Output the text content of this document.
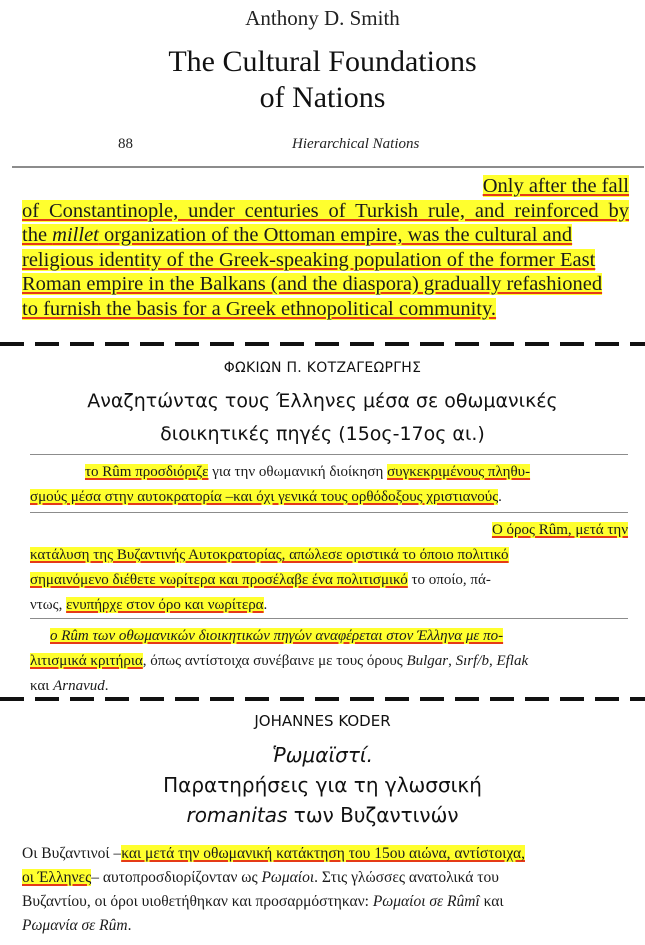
Anthony D. Smith
The Cultural Foundations
of Nations
88	Hierarchical Nations
Only after the fall
of Constantinople, under centuries of Turkish rule, and reinforced by
the millet organization of the Ottoman empire, was the cultural and
religious identity of the Greek-speaking population of the former East
Roman empire in the Balkans (and the diaspora) gradually refashioned
to furnish the basis for a Greek ethnopolitical community.
ΦΩΚΙΩΝ Π. ΚΟΤΖΑΓΕΩΡΓΗΣ
Αναζητώντας τους Έλληνες μέσα σε οθωμανικές
διοικητικές πηγές (15ος-17ος αι.)
το Rûm προσδιόριζε για την οθωμανική διοίκηση συγκεκριμένους πληθυ-
σμούς μέσα στην αυτοκρατορία –και όχι γενικά τους ορθόδοξους χριστιανούς.
Ο όρος Rûm, μετά την
κατάλυση της Βυζαντινής Αυτοκρατορίας, απώλεσε οριστικά το όποιο πολιτικό
σημαινόμενο διέθετε νωρίτερα και προσέλαβε ένα πολιτισμικό το οποίο, πά-
ντως, ενυπήρχε στον όρο και νωρίτερα.
ο Rûm των οθωμανικών διοικητικών πηγών αναφέρεται στον Έλληνα με πο-
λιτισμικά κριτήρια, όπως αντίστοιχα συνέβαινε με τους όρους Bulgar, Sırf/b, Eflak
και Arnavud.
JOHANNES KODER
Ῥωμαϊστί.
Παρατηρήσεις για τη γλωσσική
romanitas των Βυζαντινών
Οι Βυζαντινοί –και μετά την οθωμανική κατάκτηση του 15ου αιώνα, αντίστοιχα,
οι Έλληνες– αυτοπροσδιορίζονταν ως Ρωμαίοι. Στις γλώσσες ανατολικά του
Βυζαντίου, οι όροι υιοθετήθηκαν και προσαρμόστηκαν: Ρωμαίοι σε Rûmî και
Ρωμανία σε Rûm.
